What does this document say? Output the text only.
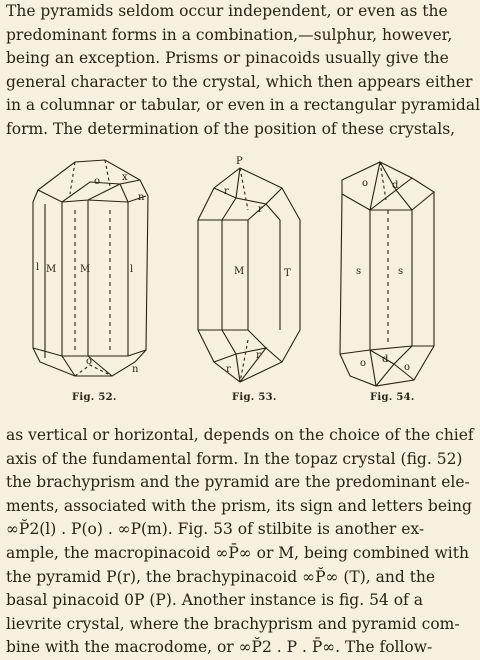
The pyramids seldom occur independent, or even as the
predominant forms in a combination,—sulphur, however,
being an exception. Prisms or pinacoids usually give the
general character to the crystal, which then appears either
in a columnar or tabular, or even in a rectangular pyramidal
form. The determination of the position of these crystals,

o x
n
M M
l	l
o
n
P
r
r
M	T
r
r
o d
s	s
o d
o
Fig. 52.	Fig. 53.	Fig. 54.

as vertical or horizontal, depends on the choice of the chief
axis of the fundamental form. In the topaz crystal (fig. 52)
the brachyprism and the pyramid are the predominant ele-
ments, associated with the prism, its sign and letters being
∞P̆2(l) . P(o) . ∞P(m). Fig. 53 of stilbite is another ex-
ample, the macropinacoid ∞P̄∞ or M, being combined with
the pyramid P(r), the brachypinacoid ∞P̆∞ (T), and the
basal pinacoid 0P (P). Another instance is fig. 54 of a
lievrite crystal, where the brachyprism and pyramid com-
bine with the macrodome, or ∞P̆2 . P . P̄∞. The follow-
